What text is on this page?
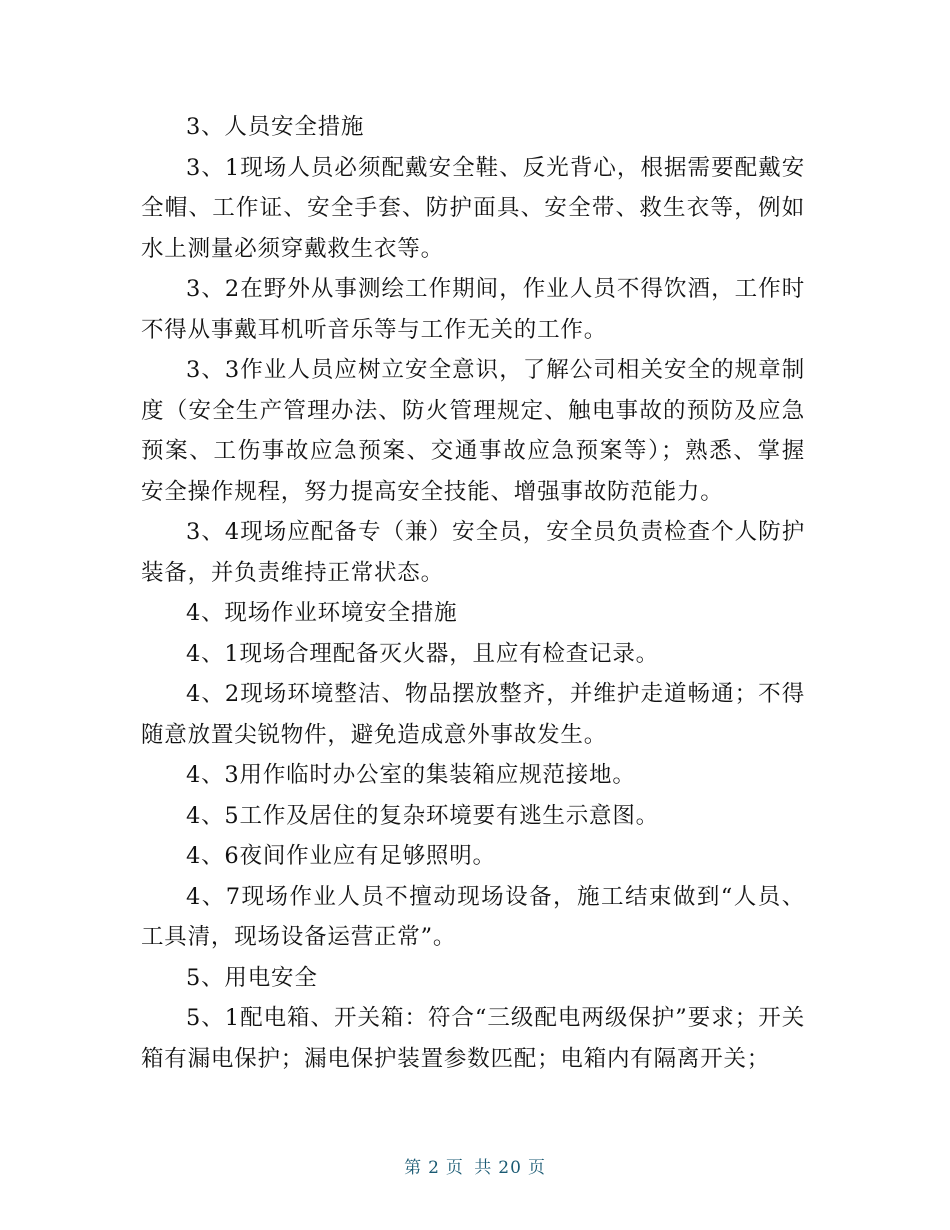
3、人员安全措施

3、1现场人员必须配戴安全鞋、反光背心，根据需要配戴安全帽、工作证、安全手套、防护面具、安全带、救生衣等，例如水上测量必须穿戴救生衣等。

3、2在野外从事测绘工作期间，作业人员不得饮酒，工作时不得从事戴耳机听音乐等与工作无关的工作。

3、3作业人员应树立安全意识，了解公司相关安全的规章制度（安全生产管理办法、防火管理规定、触电事故的预防及应急预案、工伤事故应急预案、交通事故应急预案等）；熟悉、掌握安全操作规程，努力提高安全技能、增强事故防范能力。

3、4现场应配备专（兼）安全员，安全员负责检查个人防护装备，并负责维持正常状态。

4、现场作业环境安全措施

4、1现场合理配备灭火器，且应有检查记录。

4、2现场环境整洁、物品摆放整齐，并维护走道畅通；不得随意放置尖锐物件，避免造成意外事故发生。

4、3用作临时办公室的集装箱应规范接地。

4、5工作及居住的复杂环境要有逃生示意图。

4、6夜间作业应有足够照明。

4、7现场作业人员不擅动现场设备，施工结束做到“人员、工具清，现场设备运营正常”。

5、用电安全

5、1配电箱、开关箱：符合“三级配电两级保护”要求；开关箱有漏电保护；漏电保护装置参数匹配；电箱内有隔离开关；

第 2 页 共 20 页
